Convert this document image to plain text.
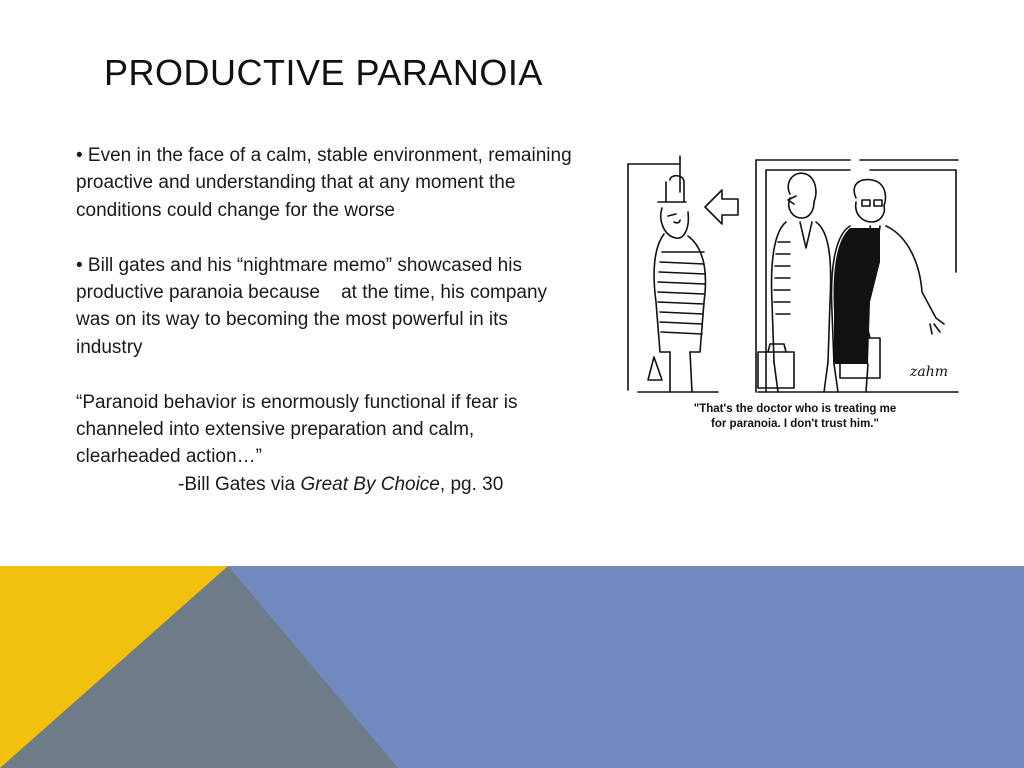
PRODUCTIVE PARANOIA

• Even in the face of a calm, stable environment, remaining proactive and understanding that at any moment the conditions could change for the worse

• Bill gates and his “nightmare memo” showcased his productive paranoia because    at the time, his company was on its way to becoming the most powerful in its industry

“Paranoid behavior is enormously functional if fear is channeled into extensive preparation and calm, clearheaded action…”

-Bill Gates via Great By Choice, pg. 30

zahm
"That's the doctor who is treating me
for paranoia. I don't trust him."
